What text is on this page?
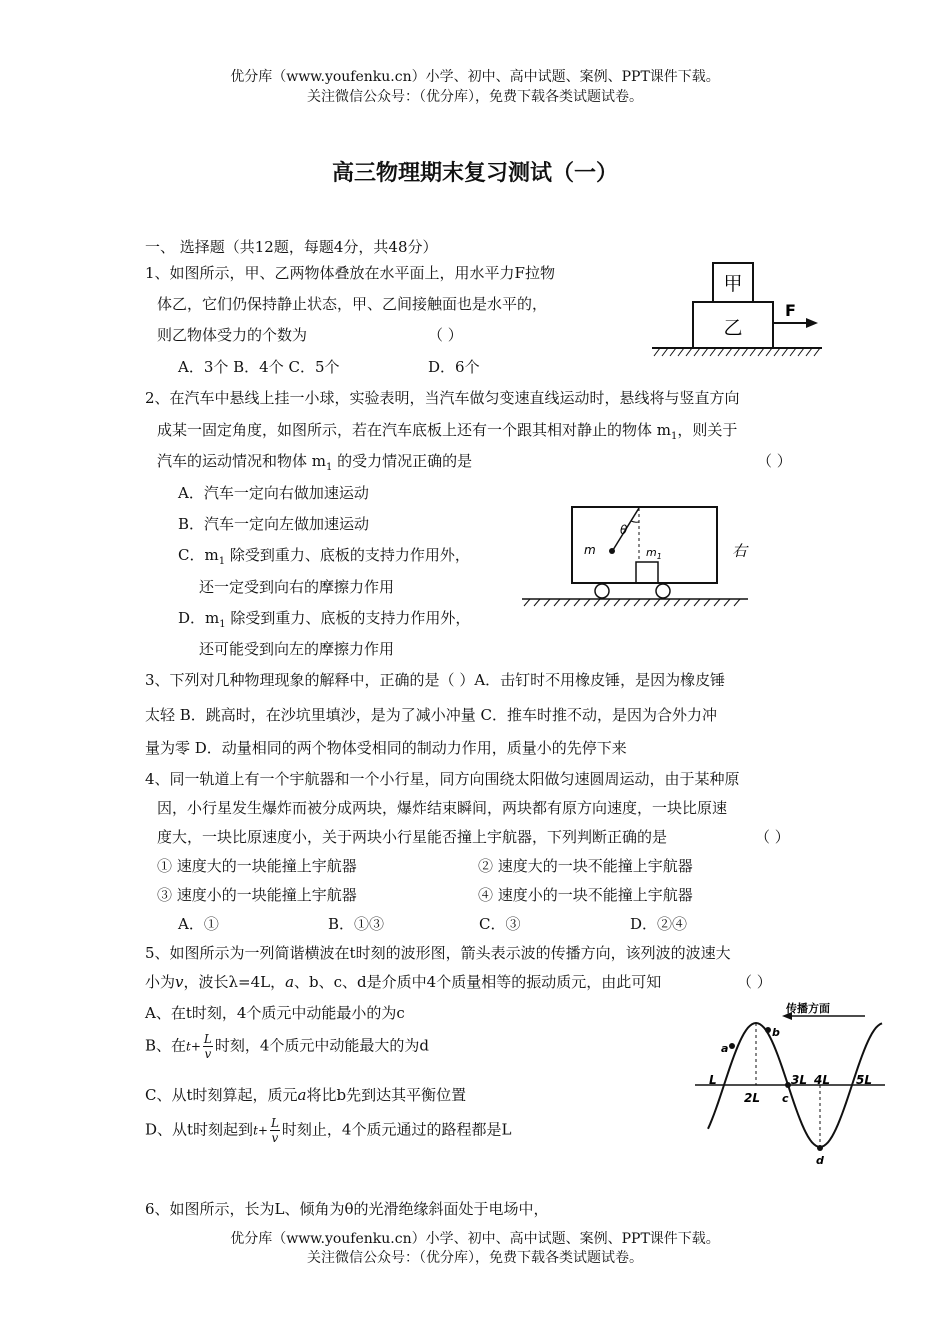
优分库（www.youfenku.cn）小学、初中、高中试题、案例、PPT课件下载。
关注微信公众号：（优分库），免费下载各类试题试卷。
高三物理期末复习测试（一）
一、 选择题（共12题，每题4分，共48分）
1、如图所示，甲、乙两物体叠放在水平面上，用水平力F拉物
体乙，它们仍保持静止状态，甲、乙间接触面也是水平的，
则乙物体受力的个数为	（ ）
A．3个 B．4个 C．5个	D．6个
甲
乙
F
2、在汽车中悬线上挂一小球，实验表明，当汽车做匀变速直线运动时，悬线将与竖直方向
成某一固定角度，如图所示，若在汽车底板上还有一个跟其相对静止的物体 $m_1$，则关于
汽车的运动情况和物体 $m_1$ 的受力情况正确的是	（ ）
A．汽车一定向右做加速运动
B．汽车一定向左做加速运动
C．$m_1$ 除受到重力、底板的支持力作用外，
还一定受到向右的摩擦力作用
D．$m_1$ 除受到重力、底板的支持力作用外，
还可能受到向左的摩擦力作用
θ
m	$m_1$	右
3、下列对几种物理现象的解释中，正确的是（ ）A．击钉时不用橡皮锤，是因为橡皮锤
太轻 B．跳高时，在沙坑里填沙，是为了减小冲量 C．推车时推不动，是因为合外力冲
量为零 D．动量相同的两个物体受相同的制动力作用，质量小的先停下来
4、同一轨道上有一个宇航器和一个小行星，同方向围绕太阳做匀速圆周运动，由于某种原
因，小行星发生爆炸而被分成两块，爆炸结束瞬间，两块都有原方向速度，一块比原速
度大，一块比原速度小，关于两块小行星能否撞上宇航器，下列判断正确的是	（ ）
① 速度大的一块能撞上宇航器	② 速度大的一块不能撞上宇航器
③ 速度小的一块能撞上宇航器	④ 速度小的一块不能撞上宇航器
A．①	B．①③	C．③	D．②④
5、如图所示为一列简谐横波在t时刻的波形图，箭头表示波的传播方向，该列波的波速大
小为v，波长λ=4L，a、b、c、d是介质中4个质量相等的振动质元，由此可知	（ ）
A、在t时刻，4个质元中动能最小的为c
B、在$t+ \frac{L}{v}$ 时刻，4个质元中动能最大的为d
C、从t时刻算起，质元a将比b先到达其平衡位置
D、从t时刻起到$t+ \frac{L}{v}$ 时刻止，4个质元通过的路程都是L
传播方面
L
2L c
3L 4L 5L
a
b
d
6、如图所示，长为L、倾角为θ的光滑绝缘斜面处于电场中，
优分库（www.youfenku.cn）小学、初中、高中试题、案例、PPT课件下载。
关注微信公众号：（优分库），免费下载各类试题试卷。
